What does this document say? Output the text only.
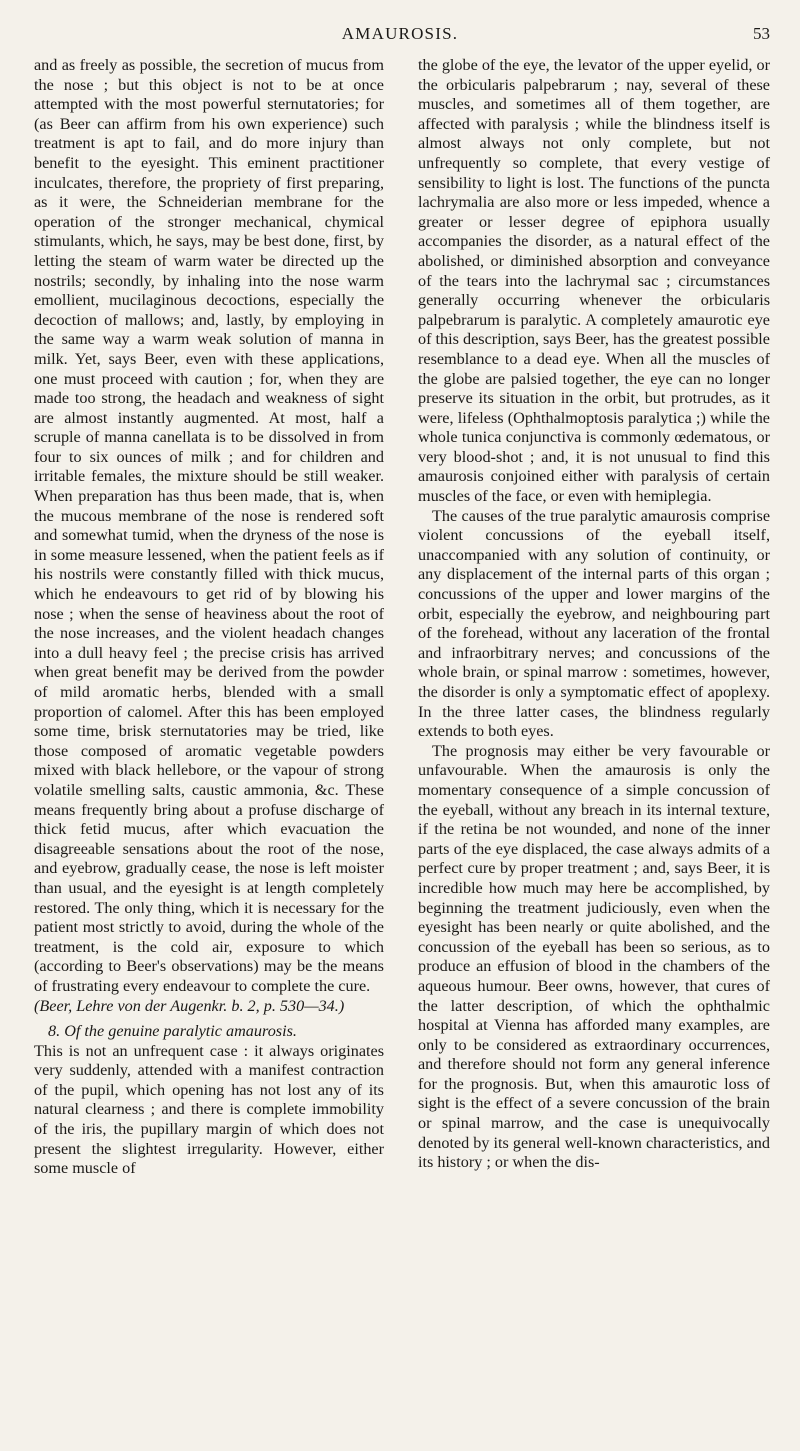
AMAUROSIS.	53

and as freely as possible, the secretion of mucus from the nose ; but this object is not to be at once attempted with the most powerful sternutatories; for (as Beer can affirm from his own experience) such treatment is apt to fail, and do more injury than benefit to the eyesight. This eminent practitioner inculcates, therefore, the propriety of first preparing, as it were, the Schneiderian membrane for the operation of the stronger mechanical, chymical stimulants, which, he says, may be best done, first, by letting the steam of warm water be directed up the nostrils; secondly, by inhaling into the nose warm emollient, mucilaginous decoctions, especially the decoction of mallows; and, lastly, by employing in the same way a warm weak solution of manna in milk. Yet, says Beer, even with these applications, one must proceed with caution ; for, when they are made too strong, the headach and weakness of sight are almost instantly augmented. At most, half a scruple of manna canellata is to be dissolved in from four to six ounces of milk ; and for children and irritable females, the mixture should be still weaker. When preparation has thus been made, that is, when the mucous membrane of the nose is rendered soft and somewhat tumid, when the dryness of the nose is in some measure lessened, when the patient feels as if his nostrils were constantly filled with thick mucus, which he endeavours to get rid of by blowing his nose ; when the sense of heaviness about the root of the nose increases, and the violent headach changes into a dull heavy feel ; the precise crisis has arrived when great benefit may be derived from the powder of mild aromatic herbs, blended with a small proportion of calomel. After this has been employed some time, brisk sternutatories may be tried, like those composed of aromatic vegetable powders mixed with black hellebore, or the vapour of strong volatile smelling salts, caustic ammonia, &c. These means frequently bring about a profuse discharge of thick fetid mucus, after which evacuation the disagreeable sensations about the root of the nose, and eyebrow, gradually cease, the nose is left moister than usual, and the eyesight is at length completely restored. The only thing, which it is necessary for the patient most strictly to avoid, during the whole of the treatment, is the cold air, exposure to which (according to Beer's observations) may be the means of frustrating every endeavour to complete the cure.

(Beer, Lehre von der Augenkr. b. 2, p. 530—34.)

8. Of the genuine paralytic amaurosis.

This is not an unfrequent case : it always originates very suddenly, attended with a manifest contraction of the pupil, which opening has not lost any of its natural clearness ; and there is complete immobility of the iris, the pupillary margin of which does not present the slightest irregularity. However, either some muscle of

the globe of the eye, the levator of the upper eyelid, or the orbicularis palpebrarum ; nay, several of these muscles, and sometimes all of them together, are affected with paralysis ; while the blindness itself is almost always not only complete, but not unfrequently so complete, that every vestige of sensibility to light is lost. The functions of the puncta lachrymalia are also more or less impeded, whence a greater or lesser degree of epiphora usually accompanies the disorder, as a natural effect of the abolished, or diminished absorption and conveyance of the tears into the lachrymal sac ; circumstances generally occurring whenever the orbicularis palpebrarum is paralytic. A completely amaurotic eye of this description, says Beer, has the greatest possible resemblance to a dead eye. When all the muscles of the globe are palsied together, the eye can no longer preserve its situation in the orbit, but protrudes, as it were, lifeless (Ophthalmoptosis paralytica ;) while the whole tunica conjunctiva is commonly œdematous, or very blood-shot ; and, it is not unusual to find this amaurosis conjoined either with paralysis of certain muscles of the face, or even with hemiplegia.

The causes of the true paralytic amaurosis comprise violent concussions of the eyeball itself, unaccompanied with any solution of continuity, or any displacement of the internal parts of this organ ; concussions of the upper and lower margins of the orbit, especially the eyebrow, and neighbouring part of the forehead, without any laceration of the frontal and infraorbitrary nerves; and concussions of the whole brain, or spinal marrow : sometimes, however, the disorder is only a symptomatic effect of apoplexy. In the three latter cases, the blindness regularly extends to both eyes.

The prognosis may either be very favourable or unfavourable. When the amaurosis is only the momentary consequence of a simple concussion of the eyeball, without any breach in its internal texture, if the retina be not wounded, and none of the inner parts of the eye displaced, the case always admits of a perfect cure by proper treatment ; and, says Beer, it is incredible how much may here be accomplished, by beginning the treatment judiciously, even when the eyesight has been nearly or quite abolished, and the concussion of the eyeball has been so serious, as to produce an effusion of blood in the chambers of the aqueous humour. Beer owns, however, that cures of the latter description, of which the ophthalmic hospital at Vienna has afforded many examples, are only to be considered as extraordinary occurrences, and therefore should not form any general inference for the prognosis. But, when this amaurotic loss of sight is the effect of a severe concussion of the brain or spinal marrow, and the case is unequivocally denoted by its general well-known characteristics, and its history ; or when the dis-
